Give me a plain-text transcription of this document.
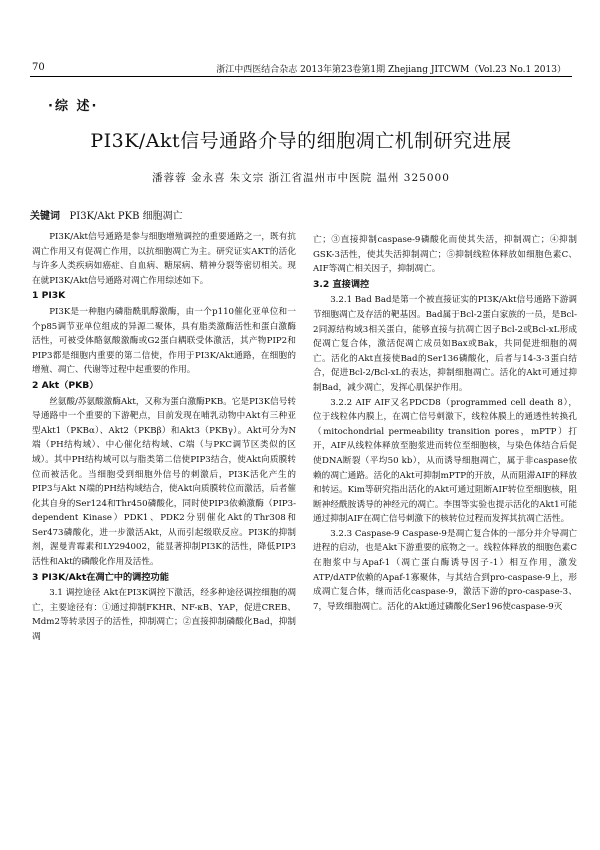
70	浙江中西医结合杂志 2013年第23卷第1期 Zhejiang JITCWM（Vol.23 No.1 2013）
·综 述·
PI3K/Akt信号通路介导的细胞凋亡机制研究进展
潘蓉蓉 金永喜 朱文宗 浙江省温州市中医院 温州 325000
关键词 PI3K/Akt PKB 细胞凋亡

PI3K/Akt信号通路是参与细胞增殖调控的重要通路之一，既有抗凋亡作用又有促凋亡作用，以抗细胞凋亡为主。研究证实AKT的活化与许多人类疾病如癌症、自血病、糖尿病、精神分裂等密切相关。现在就PI3K/Akt信号通路对凋亡作用综述如下。

1 PI3K

PI3K是一种胞内磷脂酰肌醇激酶，由一个p110催化亚单位和一个p85调节亚单位组成的异源二聚体，具有脂类激酶活性和蛋白激酶活性，可被受体酪氨酸激酶或G2蛋白耦联受体激活，其产物PIP2和PIP3都是细胞内重要的第二信使，作用于PI3K/Akt通路，在细胞的增殖、凋亡、代谢等过程中起重要的作用。

2 Akt（PKB）

丝氨酸/苏氨酸激酶Akt，又称为蛋白激酶PKB。它是PI3K信号转导通路中一个重要的下游靶点，目前发现在哺乳动物中Akt有三种亚型Akt1（PKBα）、Akt2（PKBβ）和Akt3（PKBγ）。Akt可分为N端（PH结构域）、中心催化结构域、C端（与PKC调节区类似的区域）。其中PH结构域可以与脂类第二信使PIP3结合，使Akt向质膜转位而被活化。当细胞受到细胞外信号的刺激后，PI3K活化产生的PIP3与Akt N端的PH结构域结合，使Akt向质膜转位而激活，后者催化其自身的Ser124和Thr450磷酸化，同时使PIP3依赖激酶（PIP3-dependent Kinase）PDK1、PDK2分别催化Akt的Thr308和Ser473磷酸化，进一步激活Akt，从而引起级联反应。PI3K的抑制剂，渥曼青霉素和LY294002，能显著抑制PI3K的活性，降低PIP3活性和Akt的磷酸化作用及活性。

3 PI3K/Akt在凋亡中的调控功能

3.1 调控途径 Akt在PI3K调控下激活，经多种途径调控细胞的凋亡，主要途径有：①通过抑制FKHR、NF-κB、YAP，促进CREB、Mdm2等转录因子的活性，抑制凋亡；②直接抑制磷酸化Bad，抑制凋

亡；③直接抑制caspase-9磷酸化而使其失活，抑制凋亡；④抑制GSK-3活性，使其失活抑制凋亡；⑤抑制线粒体释放如细胞色素C、AIF等凋亡相关因子，抑制凋亡。

3.2 直接调控

3.2.1 Bad Bad是第一个被直接证实的PI3K/Akt信号通路下游调节细胞凋亡及存活的靶基因。Bad属于Bcl-2蛋白家族的一员，是Bcl-2同源结构域3相关蛋白，能够直接与抗凋亡因子Bcl-2或Bcl-xL形成促凋亡复合体，激活促凋亡成员如Bax或Bak，共同促进细胞的凋亡。活化的Akt直接使Bad的Ser136磷酸化，后者与14-3-3蛋白结合，促进Bcl-2/Bcl-xL的表达，抑制细胞凋亡。活化的Akt可通过抑制Bad，减少凋亡，发挥心肌保护作用。

3.2.2 AIF AIF又名PDCD8（programmed cell death 8），位于线粒体内膜上，在凋亡信号刺激下，线粒体膜上的通透性转换孔（mitochondrial permeability transition pores，mPTP）打开，AIF从线粒体释放至胞浆进而转位至细胞核，与染色体结合后促使DNA断裂（平均50 kb），从而诱导细胞凋亡，属于非caspase依赖的凋亡通路。活化的Akt可抑制mPTP的开放，从而阻滞AIF的释放和转运。Kim等研究指出活化的Akt可通过阻断AIF转位至细胞核，阻断神经酰胺诱导的神经元的凋亡。李围等实验也提示活化的Akt1可能通过抑制AIF在凋亡信号刺激下的核转位过程而发挥其抗凋亡活性。

3.2.3 Caspase-9 Caspase-9是凋亡复合体的一部分并介导凋亡进程的启动，也是Akt下游重要的底物之一。线粒体释放的细胞色素C在胞浆中与Apaf-1（凋亡蛋白酶诱导因子-1）相互作用，激发ATP/dATP依赖的Apaf-1寡聚体，与其结合到pro-caspase-9上，形成凋亡复合体，继而活化caspase-9，激活下游的pro-caspase-3、7，导致细胞凋亡。活化的Akt通过磷酸化Ser196使caspase-9灭
